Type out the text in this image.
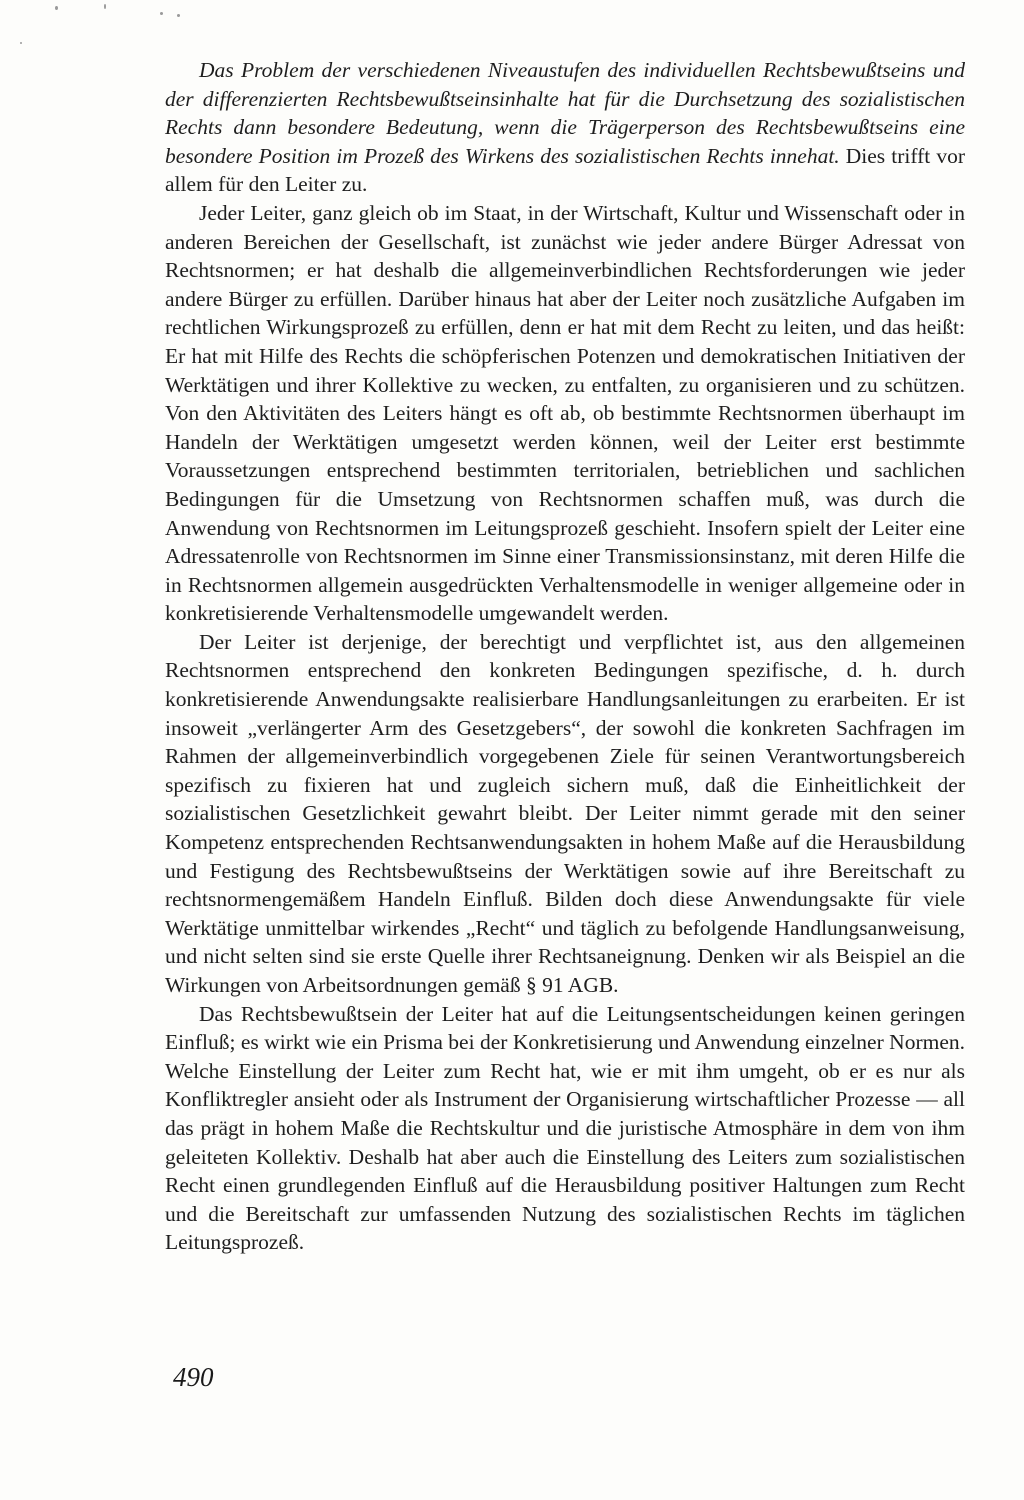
Das Problem der verschiedenen Niveaustufen des individuellen Rechtsbewußtseins und der differenzierten Rechtsbewußtseinsinhalte hat für die Durchsetzung des sozialistischen Rechts dann besondere Bedeutung, wenn die Trägerperson des Rechtsbewußtseins eine besondere Position im Prozeß des Wirkens des sozialistischen Rechts innehat. Dies trifft vor allem für den Leiter zu.

Jeder Leiter, ganz gleich ob im Staat, in der Wirtschaft, Kultur und Wissenschaft oder in anderen Bereichen der Gesellschaft, ist zunächst wie jeder andere Bürger Adressat von Rechtsnormen; er hat deshalb die allgemeinverbindlichen Rechtsforderungen wie jeder andere Bürger zu erfüllen. Darüber hinaus hat aber der Leiter noch zusätzliche Aufgaben im rechtlichen Wirkungsprozeß zu erfüllen, denn er hat mit dem Recht zu leiten, und das heißt: Er hat mit Hilfe des Rechts die schöpferischen Potenzen und demokratischen Initiativen der Werktätigen und ihrer Kollektive zu wecken, zu entfalten, zu organisieren und zu schützen. Von den Aktivitäten des Leiters hängt es oft ab, ob bestimmte Rechtsnormen überhaupt im Handeln der Werktätigen umgesetzt werden können, weil der Leiter erst bestimmte Voraussetzungen entsprechend bestimmten territorialen, betrieblichen und sachlichen Bedingungen für die Umsetzung von Rechtsnormen schaffen muß, was durch die Anwendung von Rechtsnormen im Leitungsprozeß geschieht. Insofern spielt der Leiter eine Adressatenrolle von Rechtsnormen im Sinne einer Transmissionsinstanz, mit deren Hilfe die in Rechtsnormen allgemein ausgedrückten Verhaltensmodelle in weniger allgemeine oder in konkretisierende Verhaltensmodelle umgewandelt werden.

Der Leiter ist derjenige, der berechtigt und verpflichtet ist, aus den allgemeinen Rechtsnormen entsprechend den konkreten Bedingungen spezifische, d. h. durch konkretisierende Anwendungsakte realisierbare Handlungsanleitungen zu erarbeiten. Er ist insoweit „verlängerter Arm des Gesetzgebers“, der sowohl die konkreten Sachfragen im Rahmen der allgemeinverbindlich vorgegebenen Ziele für seinen Verantwortungsbereich spezifisch zu fixieren hat und zugleich sichern muß, daß die Einheitlichkeit der sozialistischen Gesetzlichkeit gewahrt bleibt. Der Leiter nimmt gerade mit den seiner Kompetenz entsprechenden Rechtsanwendungsakten in hohem Maße auf die Herausbildung und Festigung des Rechtsbewußtseins der Werktätigen sowie auf ihre Bereitschaft zu rechtsnormengemäßem Handeln Einfluß. Bilden doch diese Anwendungsakte für viele Werktätige unmittelbar wirkendes „Recht“ und täglich zu befolgende Handlungsanweisung, und nicht selten sind sie erste Quelle ihrer Rechtsaneignung. Denken wir als Beispiel an die Wirkungen von Arbeitsordnungen gemäß § 91 AGB.

Das Rechtsbewußtsein der Leiter hat auf die Leitungsentscheidungen keinen geringen Einfluß; es wirkt wie ein Prisma bei der Konkretisierung und Anwendung einzelner Normen. Welche Einstellung der Leiter zum Recht hat, wie er mit ihm umgeht, ob er es nur als Konfliktregler ansieht oder als Instrument der Organisierung wirtschaftlicher Prozesse — all das prägt in hohem Maße die Rechtskultur und die juristische Atmosphäre in dem von ihm geleiteten Kollektiv. Deshalb hat aber auch die Einstellung des Leiters zum sozialistischen Recht einen grundlegenden Einfluß auf die Herausbildung positiver Haltungen zum Recht und die Bereitschaft zur umfassenden Nutzung des sozialistischen Rechts im täglichen Leitungsprozeß.

490
